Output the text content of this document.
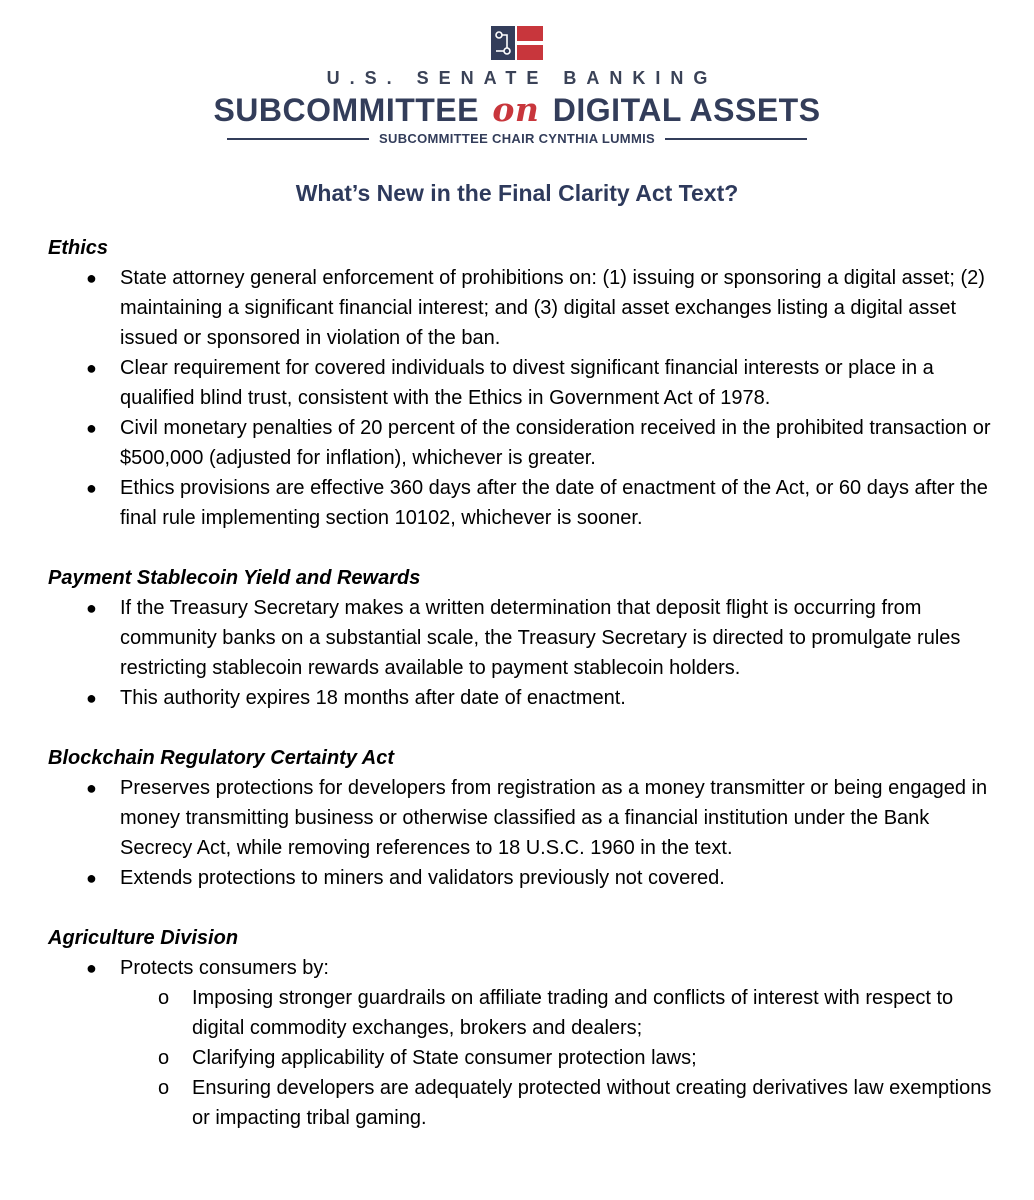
U.S. SENATE BANKING
SUBCOMMITTEE on DIGITAL ASSETS
SUBCOMMITTEE CHAIR CYNTHIA LUMMIS
What’s New in the Final Clarity Act Text?

Ethics

● State attorney general enforcement of prohibitions on: (1) issuing or sponsoring a digital asset; (2) maintaining a significant financial interest; and (3) digital asset exchanges listing a digital asset issued or sponsored in violation of the ban.
● Clear requirement for covered individuals to divest significant financial interests or place in a qualified blind trust, consistent with the Ethics in Government Act of 1978.
● Civil monetary penalties of 20 percent of the consideration received in the prohibited transaction or $500,000 (adjusted for inflation), whichever is greater.
● Ethics provisions are effective 360 days after the date of enactment of the Act, or 60 days after the final rule implementing section 10102, whichever is sooner.

Payment Stablecoin Yield and Rewards

● If the Treasury Secretary makes a written determination that deposit flight is occurring from community banks on a substantial scale, the Treasury Secretary is directed to promulgate rules restricting stablecoin rewards available to payment stablecoin holders.
● This authority expires 18 months after date of enactment.

Blockchain Regulatory Certainty Act

● Preserves protections for developers from registration as a money transmitter or being engaged in money transmitting business or otherwise classified as a financial institution under the Bank Secrecy Act, while removing references to 18 U.S.C. 1960 in the text.
● Extends protections to miners and validators previously not covered.

Agriculture Division

● Protects consumers by:
o Imposing stronger guardrails on affiliate trading and conflicts of interest with respect to digital commodity exchanges, brokers and dealers;
o Clarifying applicability of State consumer protection laws;
o Ensuring developers are adequately protected without creating derivatives law exemptions or impacting tribal gaming.
